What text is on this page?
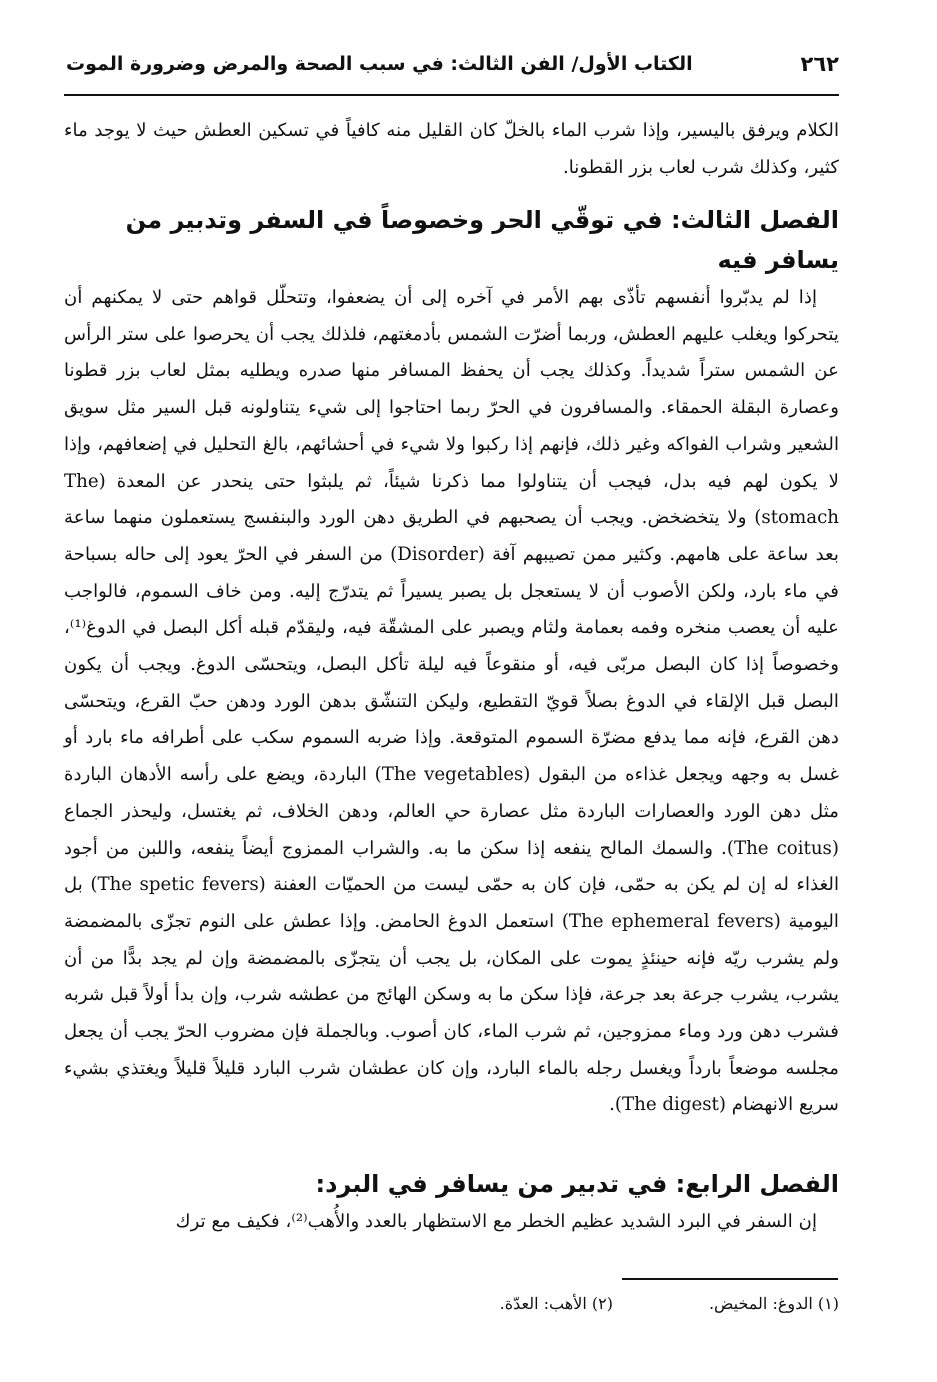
٢٦٢
الكتاب الأول/ الفن الثالث: في سبب الصحة والمرض وضرورة الموت

الكلام ويرفق باليسير، وإذا شرب الماء بالخلّ كان القليل منه كافياً في تسكين العطش حيث لا يوجد ماء كثير، وكذلك شرب لعاب بزر القطونا.

الفصل الثالث: في توقّي الحر وخصوصاً في السفر وتدبير من يسافر فيه

إذا لم يدبّروا أنفسهم تأذّى بهم الأمر في آخره إلى أن يضعفوا، وتتحلّل قواهم حتى لا يمكنهم أن يتحركوا ويغلب عليهم العطش، وربما أضرّت الشمس بأدمغتهم، فلذلك يجب أن يحرصوا على ستر الرأس عن الشمس ستراً شديداً. وكذلك يجب أن يحفظ المسافر منها صدره ويطليه بمثل لعاب بزر قطونا وعصارة البقلة الحمقاء. والمسافرون في الحرّ ربما احتاجوا إلى شيء يتناولونه قبل السير مثل سويق الشعير وشراب الفواكه وغير ذلك، فإنهم إذا ركبوا ولا شيء في أحشائهم، بالغ التحليل في إضعافهم، وإذا لا يكون لهم فيه بدل، فيجب أن يتناولوا مما ذكرنا شيئاً، ثم يلبثوا حتى ينحدر عن المعدة (The stomach) ولا يتخضخض. ويجب أن يصحبهم في الطريق دهن الورد والبنفسج يستعملون منهما ساعة بعد ساعة على هامهم. وكثير ممن تصيبهم آفة (Disorder) من السفر في الحرّ يعود إلى حاله بسباحة في ماء بارد، ولكن الأصوب أن لا يستعجل بل يصبر يسيراً ثم يتدرّج إليه. ومن خاف السموم، فالواجب عليه أن يعصب منخره وفمه بعمامة ولثام ويصبر على المشقّة فيه، وليقدّم قبله أكل البصل في الدوغ⁽¹⁾، وخصوصاً إذا كان البصل مربّى فيه، أو منقوعاً فيه ليلة تأكل البصل، ويتحسّى الدوغ. ويجب أن يكون البصل قبل الإلقاء في الدوغ بصلاً قويّ التقطيع، وليكن التنشّق بدهن الورد ودهن حبّ القرع، ويتحسّى دهن القرع، فإنه مما يدفع مضرّة السموم المتوقعة. وإذا ضربه السموم سكب على أطرافه ماء بارد أو غسل به وجهه ويجعل غذاءه من البقول (The vegetables) الباردة، ويضع على رأسه الأدهان الباردة مثل دهن الورد والعصارات الباردة مثل عصارة حي العالم، ودهن الخلاف، ثم يغتسل، وليحذر الجماع (The coitus). والسمك المالح ينفعه إذا سكن ما به. والشراب الممزوج أيضاً ينفعه، واللبن من أجود الغذاء له إن لم يكن به حمّى، فإن كان به حمّى ليست من الحميّات العفنة (The spetic fevers) بل اليومية (The ephemeral fevers) استعمل الدوغ الحامض. وإذا عطش على النوم تجزّى بالمضمضة ولم يشرب ريّه فإنه حينئذٍ يموت على المكان، بل يجب أن يتجزّى بالمضمضة وإن لم يجد بدًّا من أن يشرب، يشرب جرعة بعد جرعة، فإذا سكن ما به وسكن الهائج من عطشه شرب، وإن بدأ أولاً قبل شربه فشرب دهن ورد وماء ممزوجين، ثم شرب الماء، كان أصوب. وبالجملة فإن مضروب الحرّ يجب أن يجعل مجلسه موضعاً بارداً ويغسل رجله بالماء البارد، وإن كان عطشان شرب البارد قليلاً قليلاً ويغتذي بشيء سريع الانهضام (The digest).

الفصل الرابع: في تدبير من يسافر في البرد:

إن السفر في البرد الشديد عظيم الخطر مع الاستظهار بالعدد والأُهب⁽²⁾، فكيف مع ترك

(١) الدوغ: المخيض.
(٢) الأهب: العدّة.
